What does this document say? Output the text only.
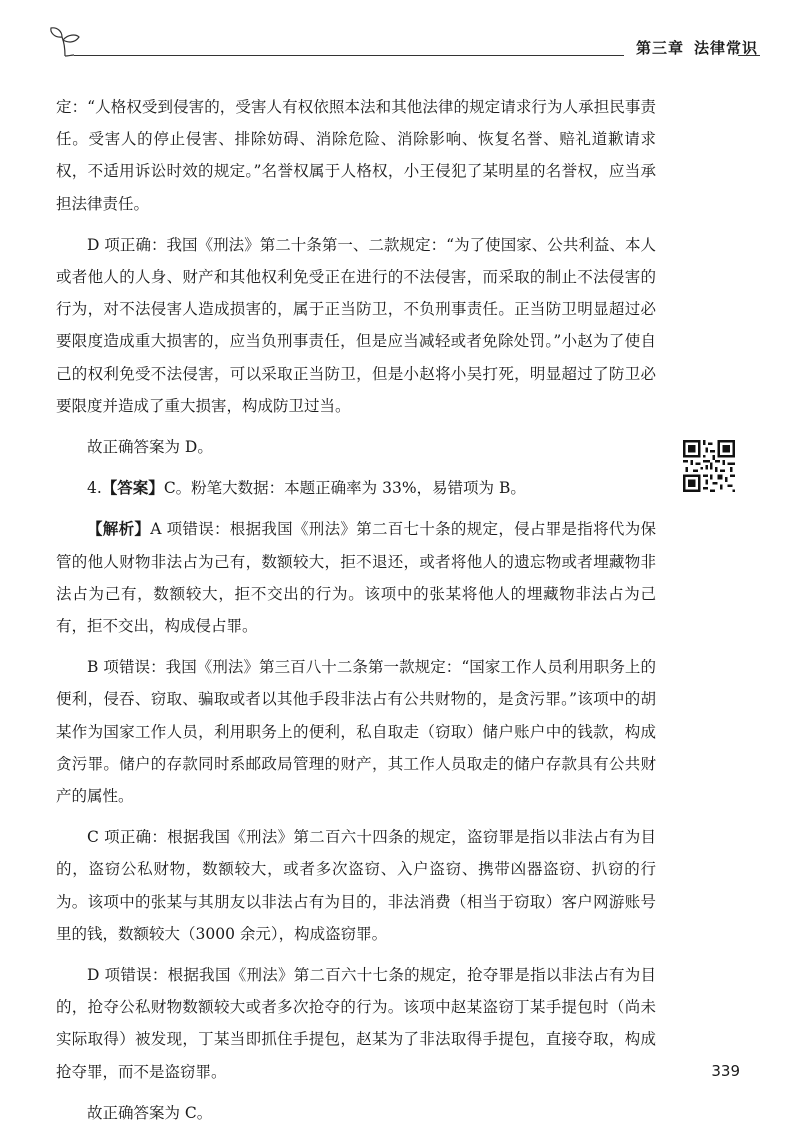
第三章 法律常识

定：“人格权受到侵害的，受害人有权依照本法和其他法律的规定请求行为人承担民事责任。受害人的停止侵害、排除妨碍、消除危险、消除影响、恢复名誉、赔礼道歉请求权，不适用诉讼时效的规定。”名誉权属于人格权，小王侵犯了某明星的名誉权，应当承担法律责任。

D 项正确：我国《刑法》第二十条第一、二款规定：“为了使国家、公共利益、本人或者他人的人身、财产和其他权利免受正在进行的不法侵害，而采取的制止不法侵害的行为，对不法侵害人造成损害的，属于正当防卫，不负刑事责任。正当防卫明显超过必要限度造成重大损害的，应当负刑事责任，但是应当减轻或者免除处罚。”小赵为了使自己的权利免受不法侵害，可以采取正当防卫，但是小赵将小吴打死，明显超过了防卫必要限度并造成了重大损害，构成防卫过当。

故正确答案为 D。

4.【答案】C。粉笔大数据：本题正确率为 33%，易错项为 B。

【解析】A 项错误：根据我国《刑法》第二百七十条的规定，侵占罪是指将代为保管的他人财物非法占为己有，数额较大，拒不退还，或者将他人的遗忘物或者埋藏物非法占为己有，数额较大，拒不交出的行为。该项中的张某将他人的埋藏物非法占为己有，拒不交出，构成侵占罪。

B 项错误：我国《刑法》第三百八十二条第一款规定：“国家工作人员利用职务上的便利，侵吞、窃取、骗取或者以其他手段非法占有公共财物的，是贪污罪。”该项中的胡某作为国家工作人员，利用职务上的便利，私自取走（窃取）储户账户中的钱款，构成贪污罪。储户的存款同时系邮政局管理的财产，其工作人员取走的储户存款具有公共财产的属性。

C 项正确：根据我国《刑法》第二百六十四条的规定，盗窃罪是指以非法占有为目的，盗窃公私财物，数额较大，或者多次盗窃、入户盗窃、携带凶器盗窃、扒窃的行为。该项中的张某与其朋友以非法占有为目的，非法消费（相当于窃取）客户网游账号里的钱，数额较大（3000 余元），构成盗窃罪。

D 项错误：根据我国《刑法》第二百六十七条的规定，抢夺罪是指以非法占有为目的，抢夺公私财物数额较大或者多次抢夺的行为。该项中赵某盗窃丁某手提包时（尚未实际取得）被发现，丁某当即抓住手提包，赵某为了非法取得手提包，直接夺取，构成抢夺罪，而不是盗窃罪。

故正确答案为 C。

339
